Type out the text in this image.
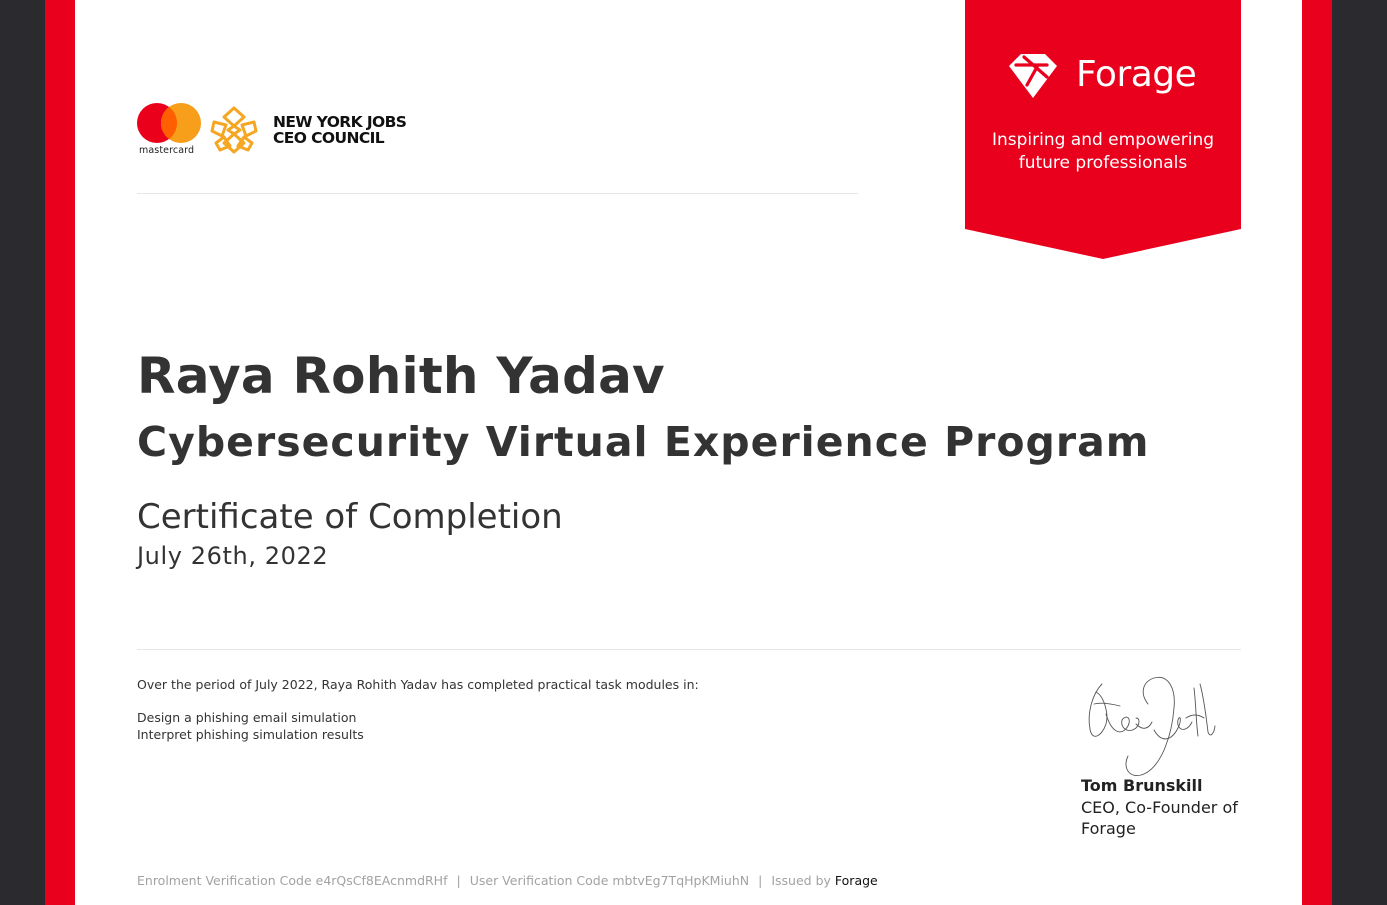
mastercard
NEW YORK JOBS
CEO COUNCIL
Forage
Inspiring and empowering
future professionals
Raya Rohith Yadav
Cybersecurity Virtual Experience Program
Certificate of Completion
July 26th, 2022
Over the period of July 2022, Raya Rohith Yadav has completed practical task modules in:
Design a phishing email simulation
Interpret phishing simulation results
Tom Brunskill
CEO, Co-Founder of Forage
Enrolment Verification Code e4rQsCf8EAcnmdRHf | User Verification Code mbtvEg7TqHpKMiuhN | Issued by Forage
